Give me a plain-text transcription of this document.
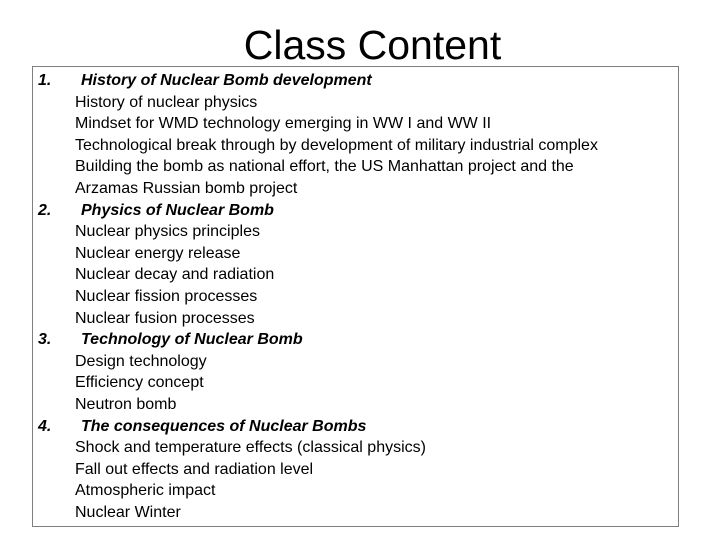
Class Content
1. History of Nuclear Bomb development
History of nuclear physics
Mindset for WMD technology emerging in WW I and WW II
Technological break through by development of military industrial complex
Building the bomb as national effort, the US Manhattan project and the
Arzamas Russian bomb project
2. Physics of Nuclear Bomb
Nuclear physics principles
Nuclear energy release
Nuclear decay and radiation
Nuclear fission processes
Nuclear fusion processes
3. Technology of Nuclear Bomb
Design technology
Efficiency concept
Neutron bomb
4. The consequences of Nuclear Bombs
Shock and temperature effects (classical physics)
Fall out effects and radiation level
Atmospheric impact
Nuclear Winter
